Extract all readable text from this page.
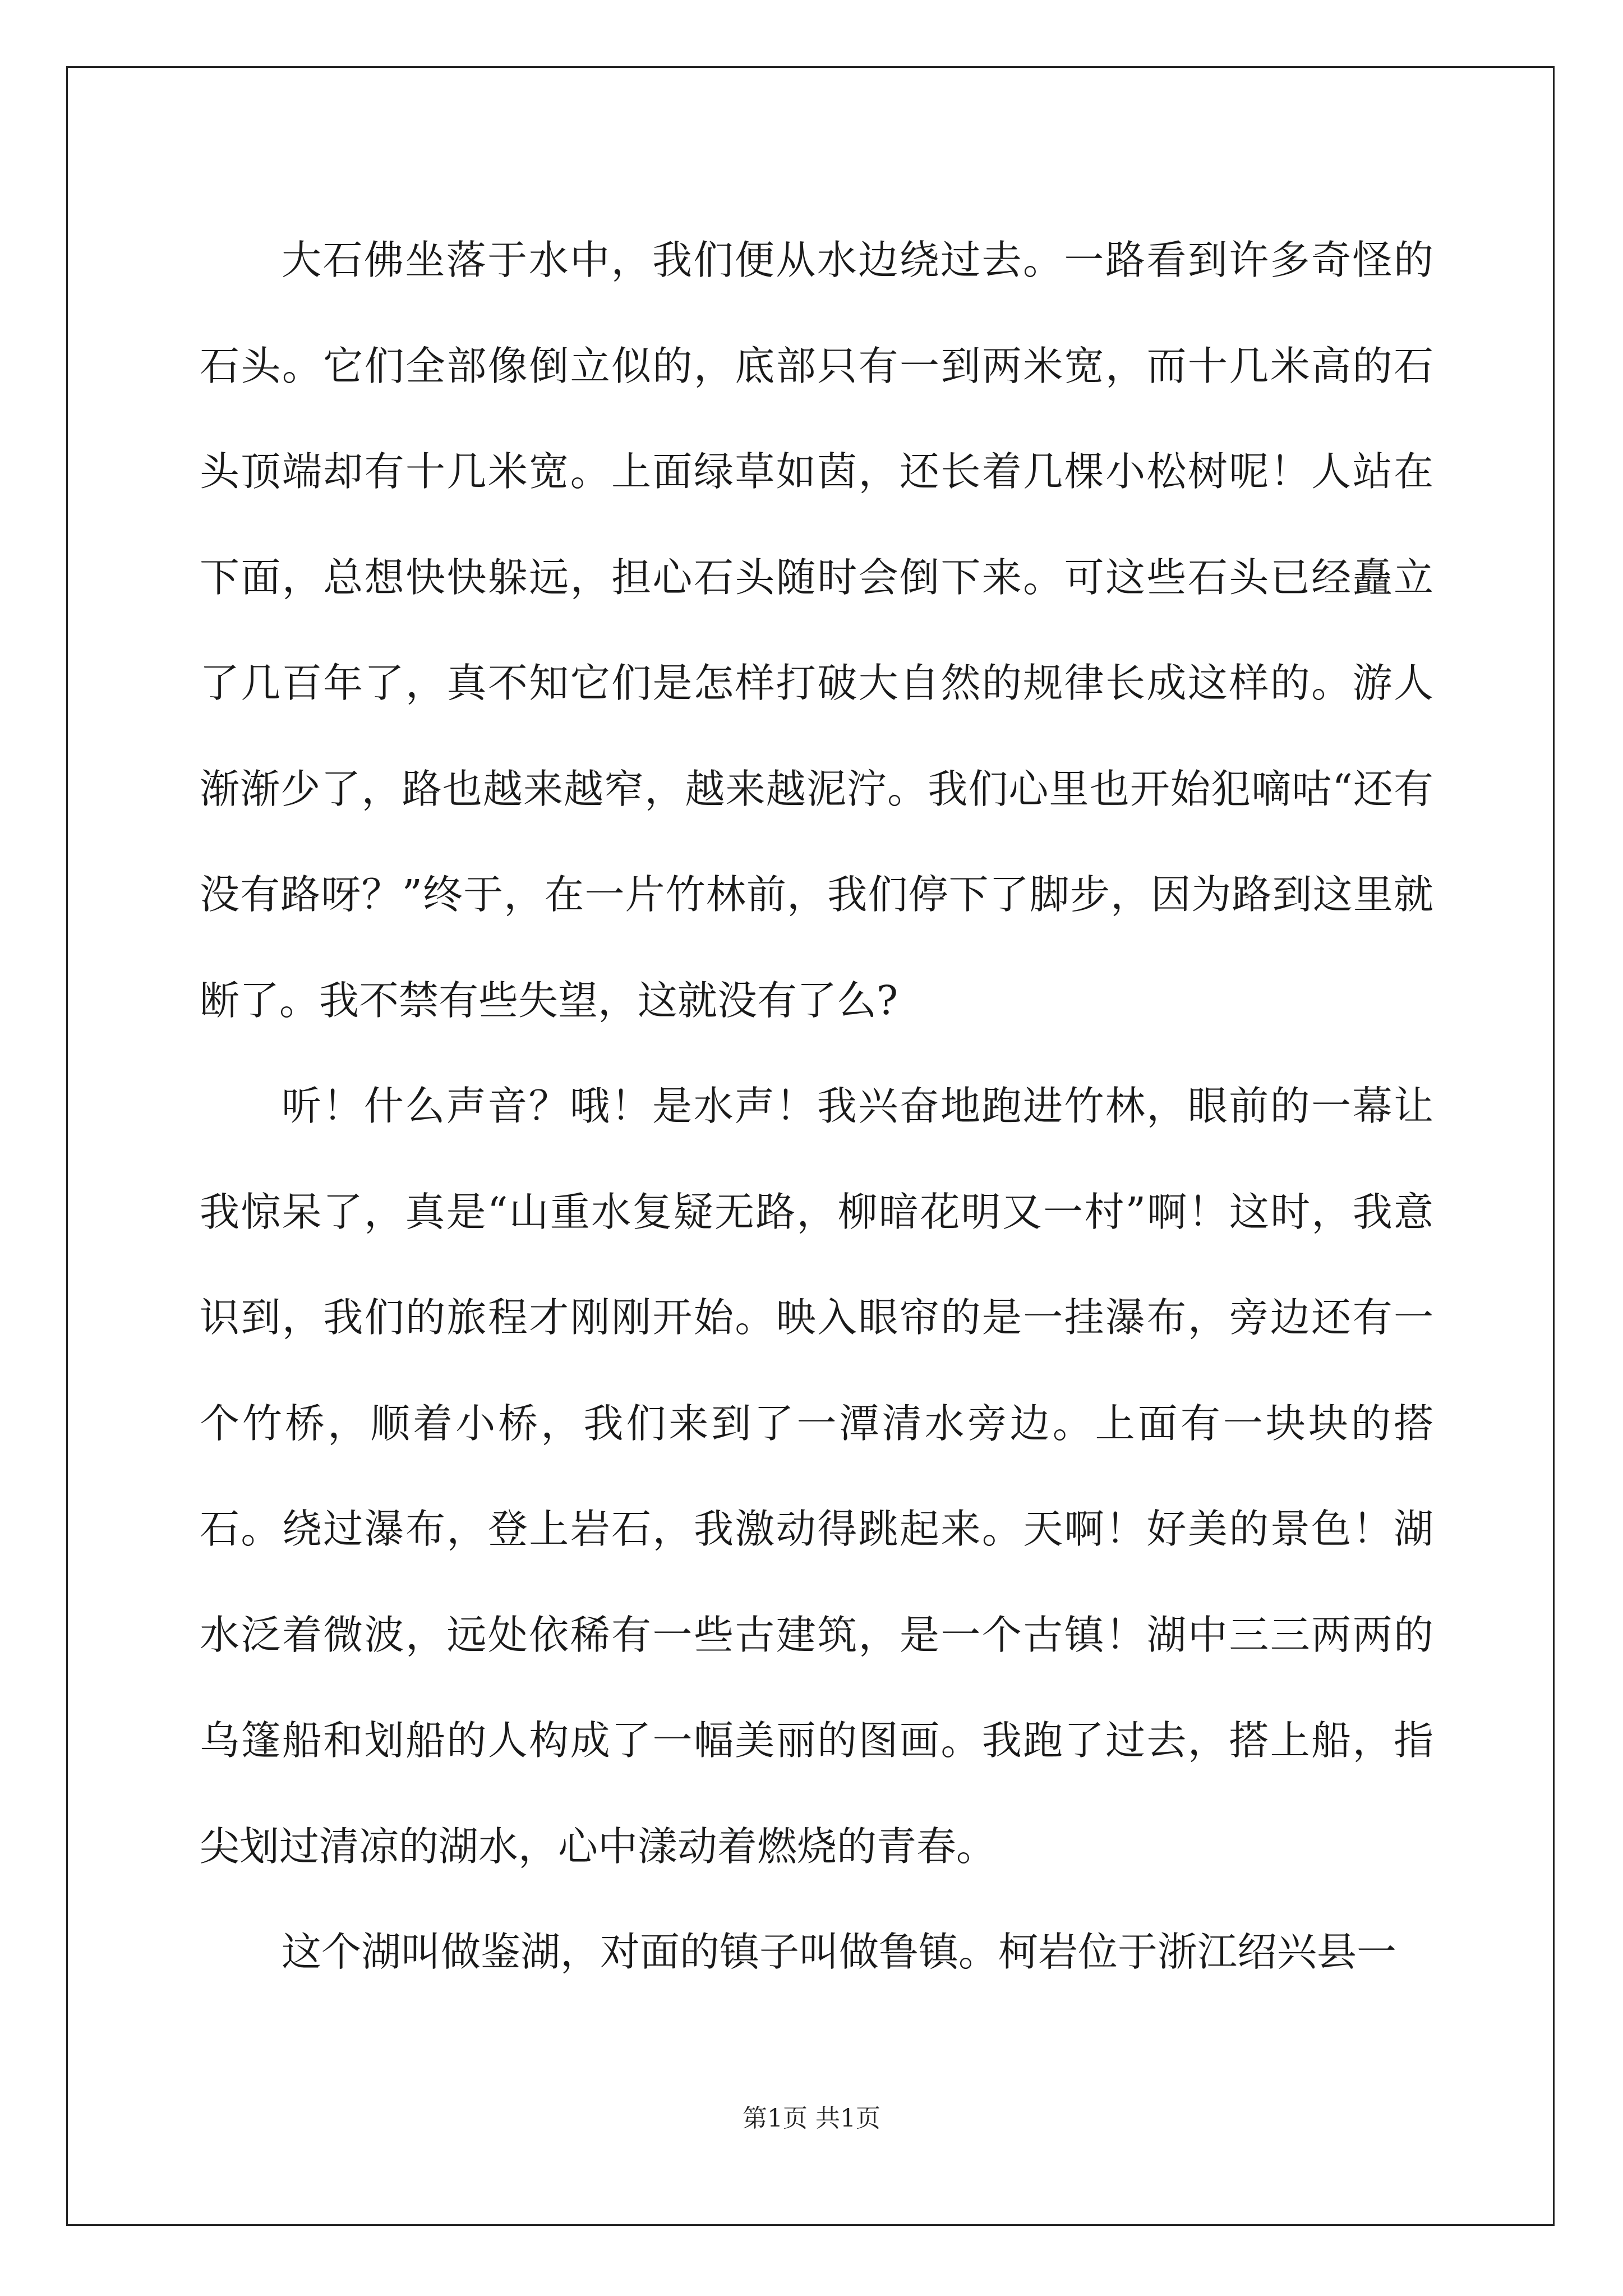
大石佛坐落于水中，我们便从水边绕过去。一路看到许多奇怪的石头。它们全部像倒立似的，底部只有一到两米宽，而十几米高的石头顶端却有十几米宽。上面绿草如茵，还长着几棵小松树呢！人站在下面，总想快快躲远，担心石头随时会倒下来。可这些石头已经矗立了几百年了，真不知它们是怎样打破大自然的规律长成这样的。游人渐渐少了，路也越来越窄，越来越泥泞。我们心里也开始犯嘀咕“还有没有路呀？”终于，在一片竹林前，我们停下了脚步，因为路到这里就断了。我不禁有些失望，这就没有了么?

听！什么声音？哦！是水声！我兴奋地跑进竹林，眼前的一幕让我惊呆了，真是“山重水复疑无路，柳暗花明又一村”啊！这时，我意识到，我们的旅程才刚刚开始。映入眼帘的是一挂瀑布，旁边还有一个竹桥，顺着小桥，我们来到了一潭清水旁边。上面有一块块的搭石。绕过瀑布，登上岩石，我激动得跳起来。天啊！好美的景色！湖水泛着微波，远处依稀有一些古建筑，是一个古镇！湖中三三两两的乌篷船和划船的人构成了一幅美丽的图画。我跑了过去，搭上船，指尖划过清凉的湖水，心中漾动着燃烧的青春。

这个湖叫做鉴湖，对面的镇子叫做鲁镇。柯岩位于浙江绍兴县一

第1页 共1页
